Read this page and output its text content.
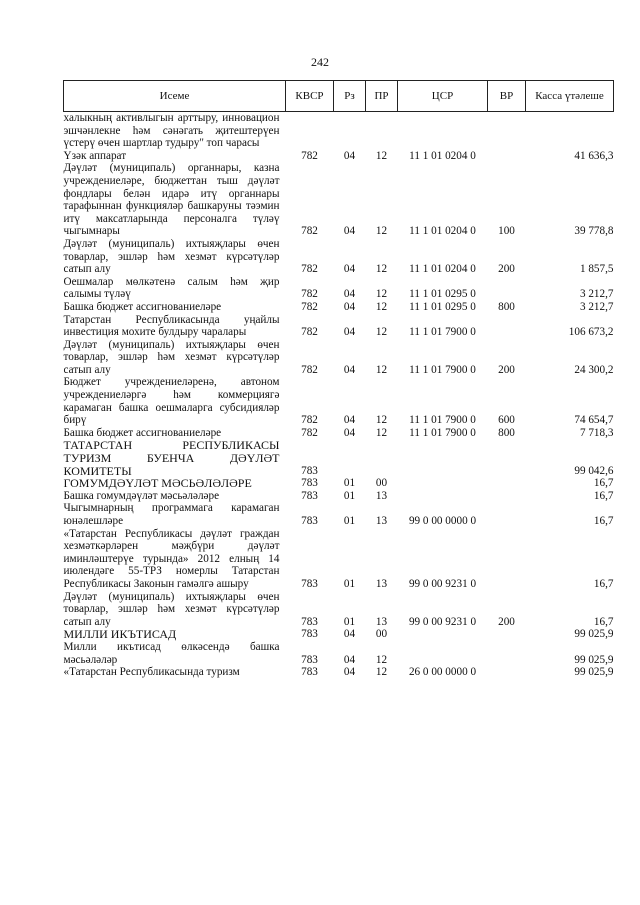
242
Исеме	КВСР	Рз	ПР	ЦСР	ВР	Касса үтәлеше
халыкның активлыгын арттыру, инновацион эшчәнлекне һәм сәнәгать җитештерүен үстерү өчен шартлар тудыру" топ чарасы						
Үзәк аппарат	782	04	12	11 1 01 0204 0		41 636,3
Дәүләт (муниципаль) органнары, казна учреждениеләре, бюджеттан тыш дәүләт фондлары белән идарә итү органнары тарафыннан функцияләр башкаруны тәэмин итү максатларында персоналга түләү чыгымнары	782	04	12	11 1 01 0204 0	100	39 778,8
Дәүләт (муниципаль) ихтыяҗлары өчен товарлар, эшләр һәм хезмәт күрсәтүләр сатып алу	782	04	12	11 1 01 0204 0	200	1 857,5
Оешмалар мөлкәтенә салым һәм җир салымы түләү	782	04	12	11 1 01 0295 0		3 212,7
Башка бюджет ассигнованиеләре	782	04	12	11 1 01 0295 0	800	3 212,7
Татарстан Республикасында уңайлы инвестиция мохите булдыру чаралары	782	04	12	11 1 01 7900 0		106 673,2
Дәүләт (муниципаль) ихтыяҗлары өчен товарлар, эшләр һәм хезмәт күрсәтүләр сатып алу	782	04	12	11 1 01 7900 0	200	24 300,2
Бюджет учреждениеләренә, автоном учреждениеләргә һәм коммерциягә карамаган башка оешмаларга субсидияләр бирү	782	04	12	11 1 01 7900 0	600	74 654,7
Башка бюджет ассигнованиеләре	782	04	12	11 1 01 7900 0	800	7 718,3
ТАТАРСТАН РЕСПУБЛИКАСЫ ТУРИЗМ БУЕНЧА ДӘҮЛӘТ КОМИТЕТЫ	783					99 042,6
ГОМУМДӘҮЛӘТ МӘСЬӘЛӘЛӘРЕ	783	01	00			16,7
Башка гомумдәүләт мәсьәләләре	783	01	13			16,7
Чыгымнарның программага карамаган юнәлешләре	783	01	13	99 0 00 0000 0		16,7
«Татарстан Республикасы дәүләт граждан хезмәткәрләрен мәҗбүри дәүләт иминләштерүе турында» 2012 елның 14 июлендәге 55-ТРЗ номерлы Татарстан Республикасы Законын гамәлгә ашыру	783	01	13	99 0 00 9231 0		16,7
Дәүләт (муниципаль) ихтыяҗлары өчен товарлар, эшләр һәм хезмәт күрсәтүләр сатып алу	783	01	13	99 0 00 9231 0	200	16,7
МИЛЛИ ИКЪТИСАД	783	04	00			99 025,9
Милли икътисад өлкәсендә башка мәсьәләләр	783	04	12			99 025,9
«Татарстан Республикасында туризм	783	04	12	26 0 00 0000 0		99 025,9
